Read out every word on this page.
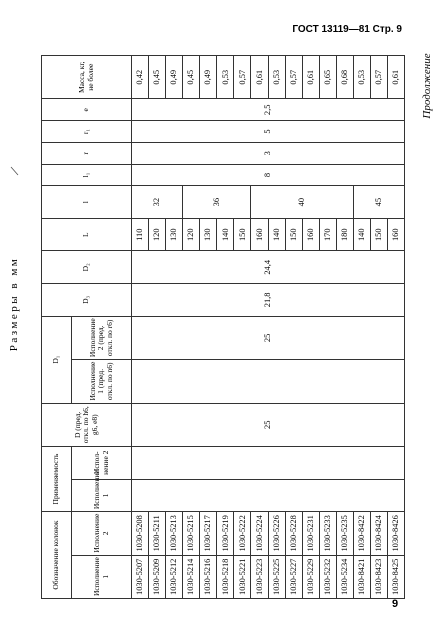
ГОСТ 13119—81 Стр. 9
9
Размеры в мм
Продолжение
Обозначение колонок		Применяемость		D (пред. откл. по h6, g6, e8)	D₁		D₃	D₂	L	l	l₁	r	r₁	e	Масса, кг, не более
Исполнение 1	Исполнение 2	Исполнение 1	Испол-нение 2		Исполнение 1 (пред. откл. по n6)	Исполнение 2 (пред. откл. по r6)									
1030-5207	1030-5208			25		25	21,8	24,4	110	32	8	3	5	2,5	0,42
1030-5209	1030-5211								120						0,45
1030-5212	1030-5213								130						0,49
1030-5214	1030-5215								120	36					0,45
1030-5216	1030-5217								130						0,49
1030-5218	1030-5219								140						0,53
1030-5221	1030-5222								150						0,57
1030-5223	1030-5224								160	40					0,61
1030-5225	1030-5226								140						0,53
1030-5227	1030-5228								150						0,57
1030-5229	1030-5231								160						0,61
1030-5232	1030-5233								170						0,65
1030-5234	1030-5235								180						0,68
1030-8421	1030-8422								140	45					0,53
1030-8423	1030-8424								150						0,57
1030-8425	1030-8426								160						0,61
